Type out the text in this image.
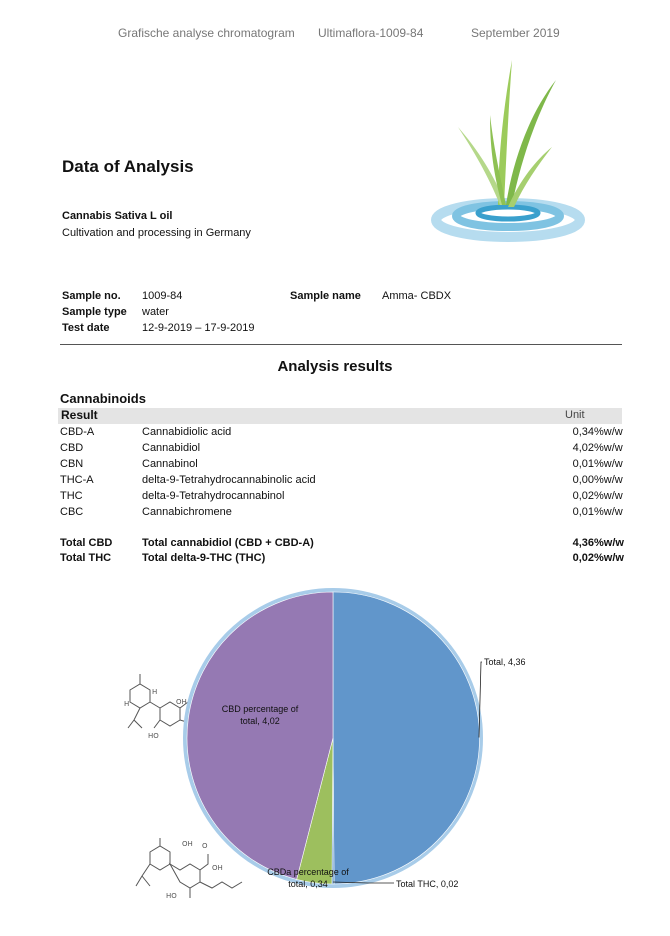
Grafische analyse chromatogram Ultimaflora-1009-84	September 2019
Data of Analysis
Cannabis Sativa L oil
Cultivation and processing in Germany
Sample no. 1009-84	Sample name Amma- CBDX
Sample type water
Test date	12-9-2019 – 17-9-2019
Analysis results
Cannabinoids
Result	Unit
CBD-A	Cannabidiolic acid	0,34	%w/w
CBD	Cannabidiol	4,02	%w/w
CBN	Cannabinol	0,01	%w/w
THC-A	delta-9-Tetrahydrocannabinolic acid	0,00	%w/w
THC	delta-9-Tetrahydrocannabinol	0,02	%w/w
CBC	Cannabichromene	0,01	%w/w
Total CBD	Total cannabidiol (CBD + CBD-A)	4,36	%w/w
Total THC	Total delta-9-THC (THC)	0,02	%w/w
OH
HO
H
H
OH O
OH
HO
Total, 4,36
Total THC, 0,02
CBDa percentage of total, 0,34
CBD percentage of total, 4,02
